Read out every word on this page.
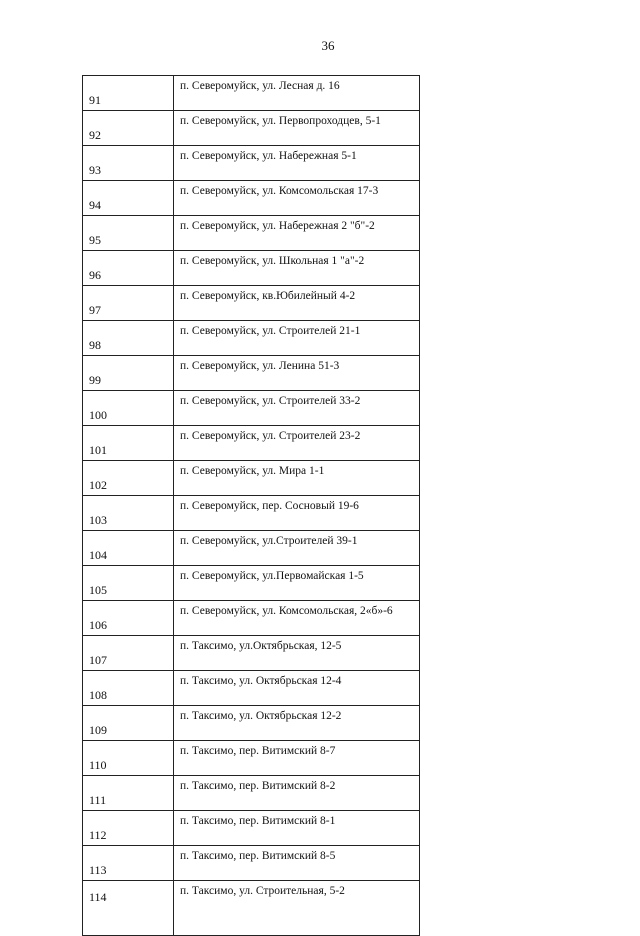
36
91	п. Северомуйск, ул. Лесная д. 16
92	п. Северомуйск, ул. Первопроходцев, 5-1
93	п. Северомуйск, ул. Набережная 5-1
94	п. Северомуйск, ул. Комсомольская 17-3
95	п. Северомуйск, ул. Набережная 2 "б"-2
96	п. Северомуйск, ул. Школьная 1 "а"-2
97	п. Северомуйск, кв.Юбилейный 4-2
98	п. Северомуйск, ул. Строителей 21-1
99	п. Северомуйск, ул. Ленина 51-3
100	п. Северомуйск, ул. Строителей 33-2
101	п. Северомуйск, ул. Строителей 23-2
102	п. Северомуйск, ул. Мира 1-1
103	п. Северомуйск, пер. Сосновый 19-6
104	п. Северомуйск, ул.Строителей 39-1
105	п. Северомуйск, ул.Первомайская 1-5
106	п. Северомуйск, ул. Комсомольская, 2«б»-6
107	п. Таксимо, ул.Октябрьская, 12-5
108	п. Таксимо, ул. Октябрьская 12-4
109	п. Таксимо, ул. Октябрьская 12-2
110	п. Таксимо, пер. Витимский 8-7
111	п. Таксимо, пер. Витимский 8-2
112	п. Таксимо, пер. Витимский 8-1
113	п. Таксимо, пер. Витимский 8-5
114	п. Таксимо, ул. Строительная, 5-2
